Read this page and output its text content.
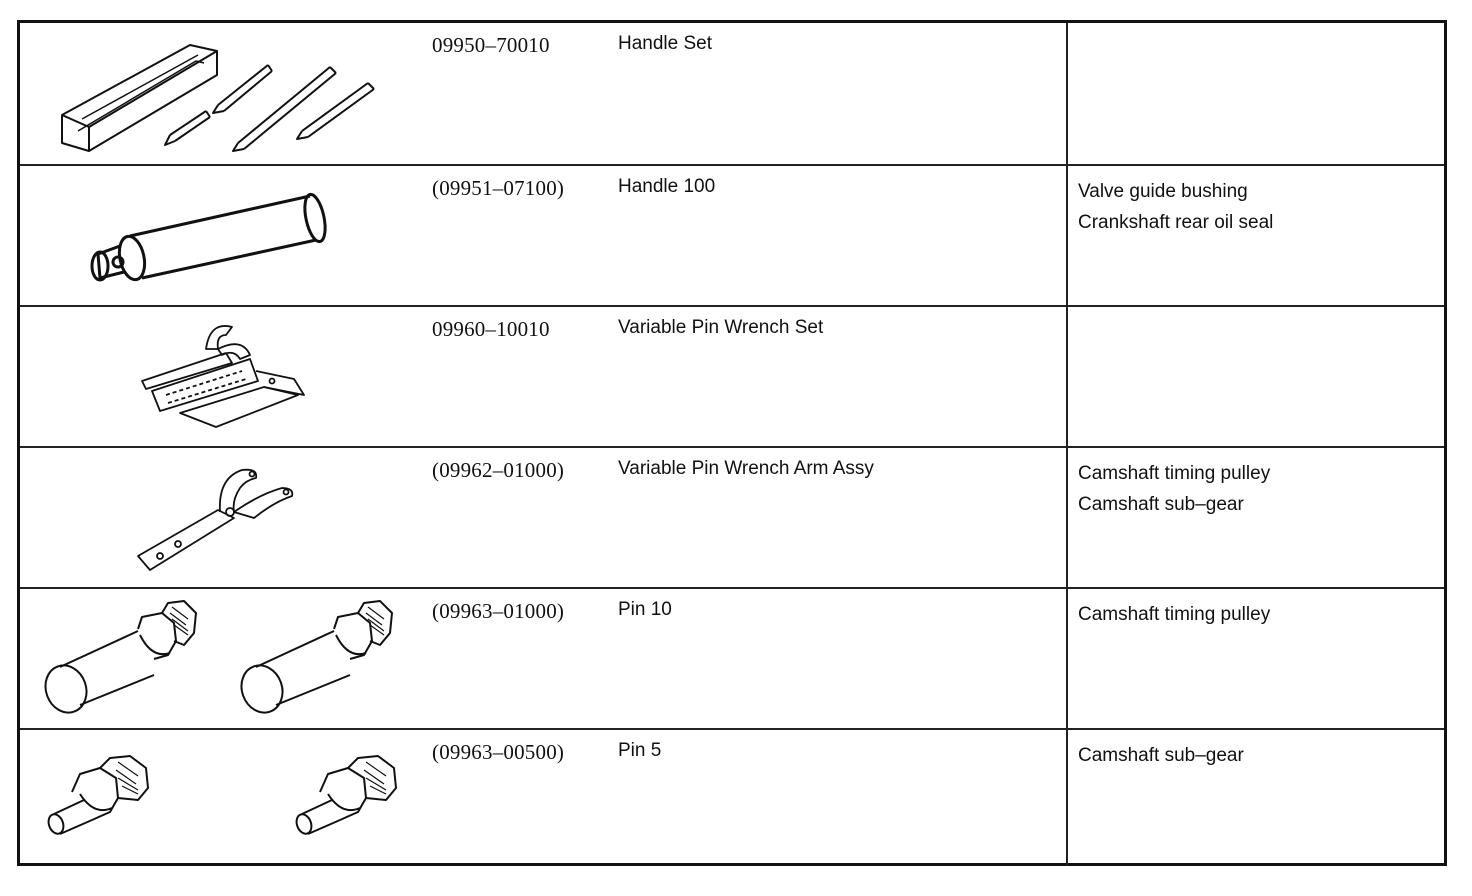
09950–70010	Handle Set
(09951–07100)	Handle 100	Valve guide bushing
Crankshaft rear oil seal
09960–10010	Variable Pin Wrench Set
(09962–01000)	Variable Pin Wrench Arm Assy	Camshaft timing pulley
Camshaft sub–gear
(09963–01000)	Pin 10	Camshaft timing pulley
(09963–00500)	Pin 5	Camshaft sub–gear
